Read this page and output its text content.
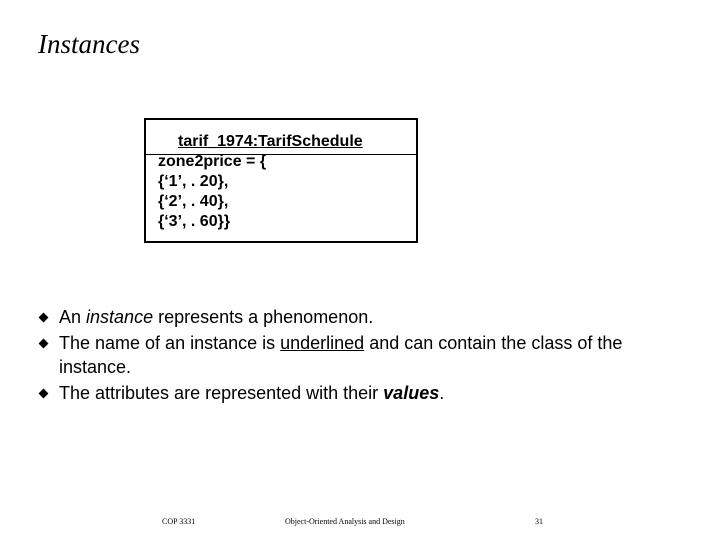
Instances
tarif_1974:TarifSchedule
zone2price = {
{‘1’, . 20},
{‘2’, . 40},
{‘3’, . 60}}
An instance represents a phenomenon.
The name of an instance is underlined and can contain the class of the instance.
The attributes are represented with their values.
COP 3331	Object-Oriented Analysis and Design	31
